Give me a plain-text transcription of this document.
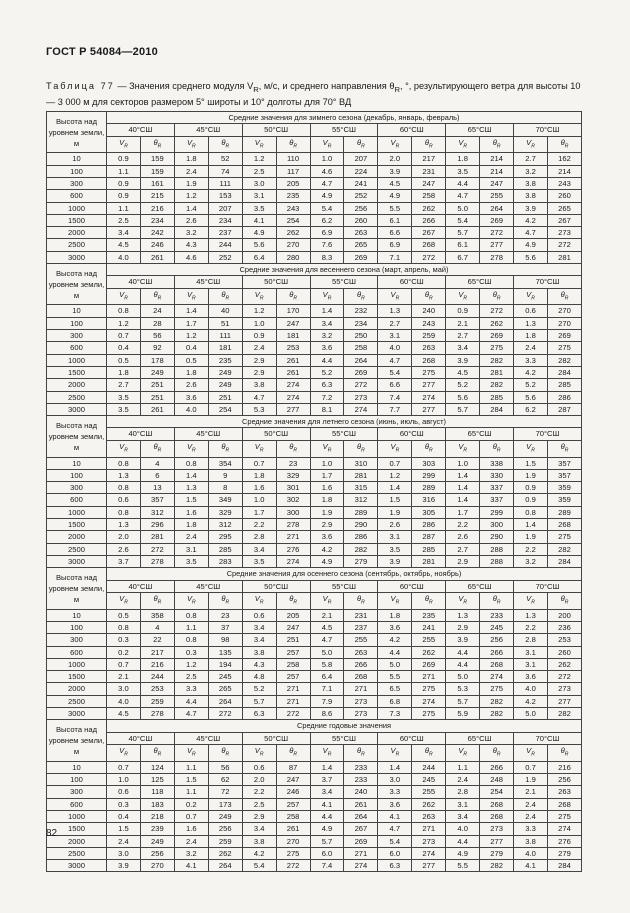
ГОСТ Р 54084—2010
Таблица 77 — Значения среднего модуля $V_R$, м/с, и среднего направления $\theta_R$, °, результирующего ветра для высоты 10 — 3 000 м для секторов размером 5° широты и 10° долготы для 70° ВД
Высота над уровнем земли, м	Средние значения для зимнего сезона (декабрь, январь, февраль)													
	40°СШ		45°СШ		50°СШ		55°СШ		60°СШ		65°СШ		70°СШ	
	$V_R$	$\theta_R$	$V_R$	$\theta_R$	$V_R$	$\theta_R$	$V_R$	$\theta_R$	$V_R$	$\theta_R$	$V_R$	$\theta_R$	$V_R$	$\theta_R$
10	0.9	159	1.8	52	1.2	110	1.0	207	2.0	217	1.8	214	2.7	162
100	1.1	159	2.4	74	2.5	117	4.6	224	3.9	231	3.5	214	3.2	214
300	0.9	161	1.9	111	3.0	205	4.7	241	4.5	247	4.4	247	3.8	243
600	0.9	215	1.2	153	3.1	235	4.9	252	4.9	258	4.7	255	3.8	260
1000	1.1	216	1.4	207	3.5	243	5.4	256	5.5	262	5.0	264	3.9	265
1500	2.5	234	2.6	234	4.1	254	6.2	260	6.1	266	5.4	269	4.2	267
2000	3.4	242	3.2	237	4.9	262	6.9	263	6.6	267	5.7	272	4.7	273
2500	4.5	246	4.3	244	5.6	270	7.6	265	6.9	268	6.1	277	4.9	272
3000	4.0	261	4.6	252	6.4	280	8.3	269	7.1	272	6.7	278	5.6	281
Высота над уровнем земли, м	Средние значения для весеннего сезона (март, апрель, май)													
	40°СШ		45°СШ		50°СШ		55°СШ		60°СШ		65°СШ		70°СШ	
	$V_R$	$\theta_R$	$V_R$	$\theta_R$	$V_R$	$\theta_R$	$V_R$	$\theta_R$	$V_R$	$\theta_R$	$V_R$	$\theta_R$	$V_R$	$\theta_R$
10	0.8	24	1.4	40	1.2	170	1.4	232	1.3	240	0.9	272	0.6	270
100	1.2	28	1.7	51	1.0	247	3.4	234	2.7	243	2.1	262	1.3	270
300	0.7	56	1.2	111	0.9	181	3.2	250	3.1	259	2.7	269	1.8	269
600	0.4	92	0.4	181	2.4	253	3.6	258	4.0	263	3.4	275	2.4	275
1000	0.5	178	0.5	235	2.9	261	4.4	264	4.7	268	3.9	282	3.3	282
1500	1.8	249	1.8	249	2.9	261	5.2	269	5.4	275	4.5	281	4.2	284
2000	2.7	251	2.6	249	3.8	274	6.3	272	6.6	277	5.2	282	5.2	285
2500	3.5	251	3.6	251	4.7	274	7.2	273	7.4	274	5.6	285	5.6	286
3000	3.5	261	4.0	254	5.3	277	8.1	274	7.7	277	5.7	284	6.2	287
Высота над уровнем земли, м	Средние значения для летнего сезона (июнь, июль, август)													
	40°СШ		45°СШ		50°СШ		55°СШ		60°СШ		65°СШ		70°СШ	
	$V_R$	$\theta_R$	$V_R$	$\theta_R$	$V_R$	$\theta_R$	$V_R$	$\theta_R$	$V_R$	$\theta_R$	$V_R$	$\theta_R$	$V_R$	$\theta_R$
10	0.8	4	0.8	354	0.7	23	1.0	310	0.7	303	1.0	338	1.5	357
100	1.3	6	1.4	9	1.8	329	1.7	281	1.2	299	1.4	330	1.9	357
300	0.8	13	1.3	8	1.6	301	1.6	315	1.4	289	1.4	337	0.9	359
600	0.6	357	1.5	349	1.0	302	1.8	312	1.5	316	1.4	337	0.9	359
1000	0.8	312	1.6	329	1.7	300	1.9	289	1.9	305	1.7	299	0.8	289
1500	1.3	296	1.8	312	2.2	278	2.9	290	2.6	286	2.2	300	1.4	268
2000	2.0	281	2.4	295	2.8	271	3.6	286	3.1	287	2.6	290	1.9	275
2500	2.6	272	3.1	285	3.4	276	4.2	282	3.5	285	2.7	288	2.2	282
3000	3.7	278	3.5	283	3.5	274	4.9	279	3.9	281	2.9	288	3.2	284
Высота над уровнем земли, м	Средние значения для осеннего сезона (сентябрь, октябрь, ноябрь)													
	40°СШ		45°СШ		50°СШ		55°СШ		60°СШ		65°СШ		70°СШ	
	$V_R$	$\theta_R$	$V_R$	$\theta_R$	$V_R$	$\theta_R$	$V_R$	$\theta_R$	$V_R$	$\theta_R$	$V_R$	$\theta_R$	$V_R$	$\theta_R$
10	0.5	358	0.8	23	0.6	205	2.1	231	1.8	235	1.3	233	1.3	200
100	0.8	4	1.1	37	3.4	247	4.5	237	3.6	241	2.9	245	2.2	236
300	0.3	22	0.8	98	3.4	251	4.7	255	4.2	255	3.9	256	2.8	253
600	0.2	217	0.3	135	3.8	257	5.0	263	4.4	262	4.4	266	3.1	260
1000	0.7	216	1.2	194	4.3	258	5.8	266	5.0	269	4.4	268	3.1	262
1500	2.1	244	2.5	245	4.8	257	6.4	268	5.5	271	5.0	274	3.6	272
2000	3.0	253	3.3	265	5.2	271	7.1	271	6.5	275	5.3	275	4.0	273
2500	4.0	259	4.4	264	5.7	271	7.9	273	6.8	274	5.7	282	4.2	277
3000	4.5	278	4.7	272	6.3	272	8.6	273	7.3	275	5.9	282	5.0	282
Высота над уровнем земли, м	Средние годовые значения													
	40°СШ		45°СШ		50°СШ		55°СШ		60°СШ		65°СШ		70°СШ	
	$V_R$	$\theta_R$	$V_R$	$\theta_R$	$V_R$	$\theta_R$	$V_R$	$\theta_R$	$V_R$	$\theta_R$	$V_R$	$\theta_R$	$V_R$	$\theta_R$
10	0.7	124	1.1	56	0.6	87	1.4	233	1.4	244	1.1	266	0.7	216
100	1.0	125	1.5	62	2.0	247	3.7	233	3.0	245	2.4	248	1.9	256
300	0.6	118	1.1	72	2.2	246	3.4	240	3.3	255	2.8	254	2.1	263
600	0.3	183	0.2	173	2.5	257	4.1	261	3.6	262	3.1	268	2.4	268
1000	0.4	218	0.7	249	2.9	258	4.4	264	4.1	263	3.4	268	2.4	275
1500	1.5	239	1.6	256	3.4	261	4.9	267	4.7	271	4.0	273	3.3	274
2000	2.4	249	2.4	259	3.8	270	5.7	269	5.4	273	4.4	277	3.8	276
2500	3.0	256	3.2	262	4.2	275	6.0	271	6.0	274	4.9	279	4.0	279
3000	3.9	270	4.1	264	5.4	272	7.4	274	6.3	277	5.5	282	4.1	284
82
